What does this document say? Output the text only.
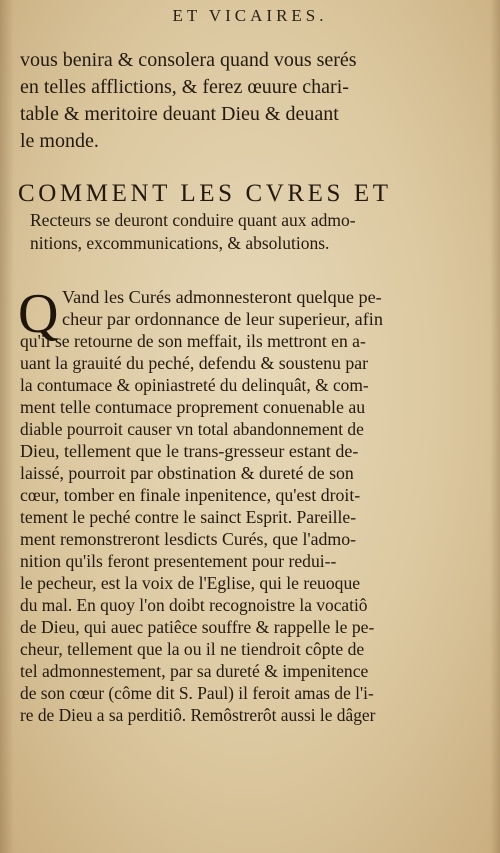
ET VICAIRES.
vous benira & consolera quand vous serés
en telles afflictions, & ferez œuure chari-
table & meritoire deuant Dieu & deuant
le monde.
COMMENT LES CVRES ET
Recteurs se deuront conduire quant aux admo-
nitions, excommunications, & absolutions.
Q Vand les Curés admonnesteront quelque pe-
cheur par ordonnance de leur superieur, afin
qu'il se retourne de son meffait, ils mettront en a-
uant la grauité du peché, defendu & soustenu par
la contumace & opiniastreté du delinquât, & com-
ment telle contumace proprement conuenable au
diable pourroit causer vn total abandonnement de
Dieu, tellement que le trans-gresseur estant de-
laissé, pourroit par obstination & dureté de son
cœur, tomber en finale inpenitence, qu'est droit-
tement le peché contre le sainct Esprit. Pareille-
ment remonstreront lesdicts Curés, que l'admo-
nition qu'ils feront presentement pour redui--
le pecheur, est la voix de l'Eglise, qui le reuoque
du mal. En quoy l'on doibt recognoistre la vocatiô
de Dieu, qui auec patiêce souffre & rappelle le pe-
cheur, tellement que la ou il ne tiendroit côpte de
tel admonnestement, par sa dureté & impenitence
de son cœur (côme dit S. Paul) il feroit amas de l'i-
re de Dieu a sa perditiô. Remôstrerôt aussi le dâger
